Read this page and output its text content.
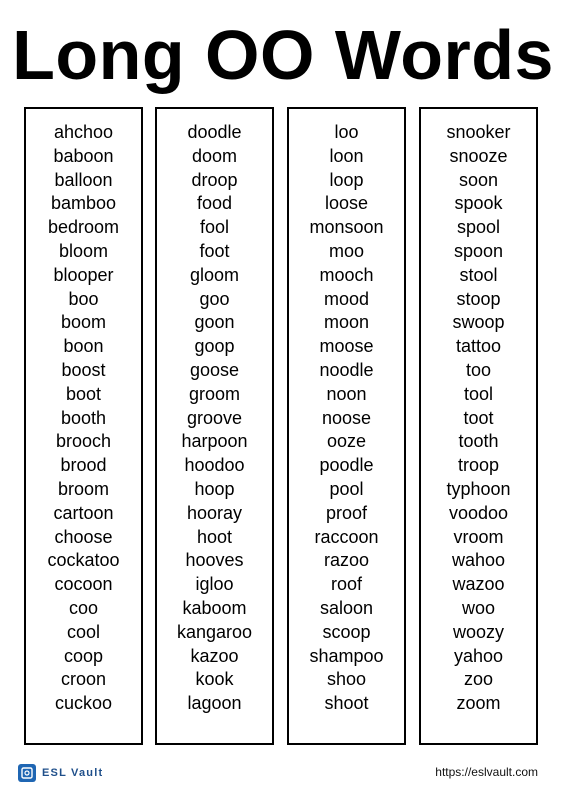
Long OO Words
ahchoo
baboon
balloon
bamboo
bedroom
bloom
blooper
boo
boom
boon
boost
boot
booth
brooch
brood
broom
cartoon
choose
cockatoo
cocoon
coo
cool
coop
croon
cuckoo
doodle
doom
droop
food
fool
foot
gloom
goo
goon
goop
goose
groom
groove
harpoon
hoodoo
hoop
hooray
hoot
hooves
igloo
kaboom
kangaroo
kazoo
kook
lagoon
loo
loon
loop
loose
monsoon
moo
mooch
mood
moon
moose
noodle
noon
noose
ooze
poodle
pool
proof
raccoon
razoo
roof
saloon
scoop
shampoo
shoo
shoot
snooker
snooze
soon
spook
spool
spoon
stool
stoop
swoop
tattoo
too
tool
toot
tooth
troop
typhoon
voodoo
vroom
wahoo
wazoo
woo
woozy
yahoo
zoo
zoom
ESL Vault	https://eslvault.com
